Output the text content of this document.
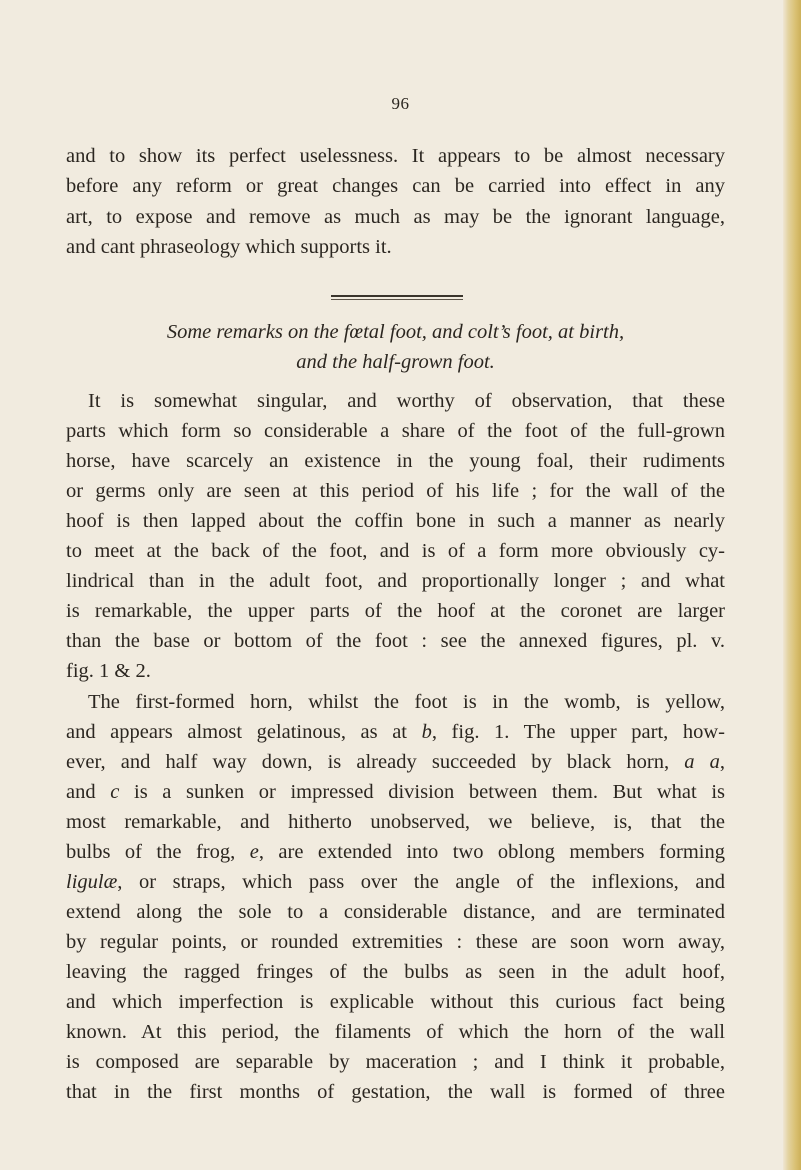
96
and to show its perfect uselessness. It appears to be almost necessary
before any reform or great changes can be carried into effect in any
art, to expose and remove as much as may be the ignorant language,
and cant phraseology which supports it.
Some remarks on the fœtal foot, and colt’s foot, at birth,
and the half-grown foot.
It is somewhat singular, and worthy of observation, that these
parts which form so considerable a share of the foot of the full-grown
horse, have scarcely an existence in the young foal, their rudiments
or germs only are seen at this period of his life ; for the wall of the
hoof is then lapped about the coffin bone in such a manner as nearly
to meet at the back of the foot, and is of a form more obviously cy-
lindrical than in the adult foot, and proportionally longer ; and what
is remarkable, the upper parts of the hoof at the coronet are larger
than the base or bottom of the foot : see the annexed figures, pl. v.
fig. 1 & 2.
The first-formed horn, whilst the foot is in the womb, is yellow,
and appears almost gelatinous, as at b, fig. 1. The upper part, how-
ever, and half way down, is already succeeded by black horn, a a,
and c is a sunken or impressed division between them. But what is
most remarkable, and hitherto unobserved, we believe, is, that the
bulbs of the frog, e, are extended into two oblong members forming
ligulæ, or straps, which pass over the angle of the inflexions, and
extend along the sole to a considerable distance, and are terminated
by regular points, or rounded extremities : these are soon worn away,
leaving the ragged fringes of the bulbs as seen in the adult hoof,
and which imperfection is explicable without this curious fact being
known. At this period, the filaments of which the horn of the wall
is composed are separable by maceration ; and I think it probable,
that in the first months of gestation, the wall is formed of three
